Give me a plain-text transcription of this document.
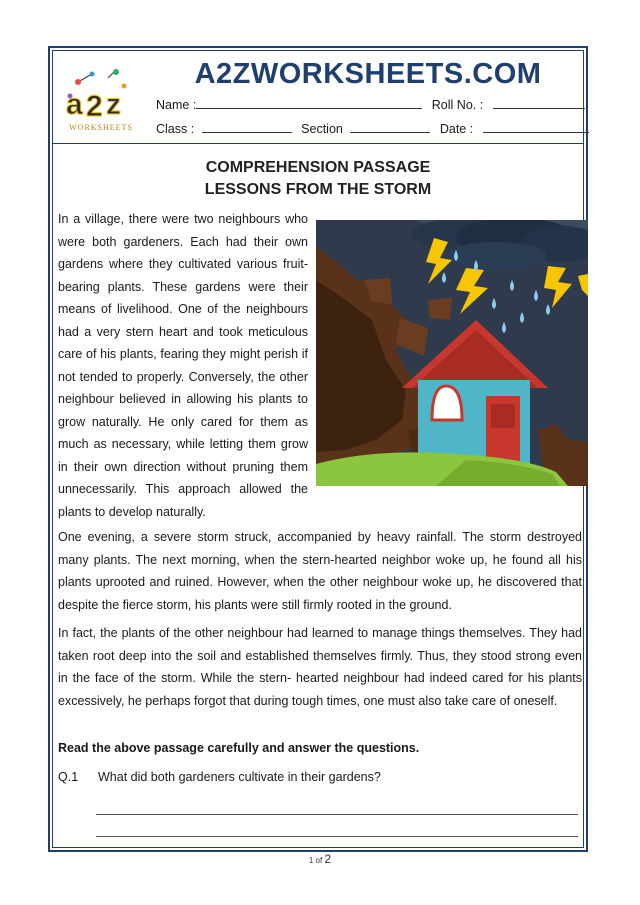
a 2 z
WORKSHEETS
A2ZWORKSHEETS.COM
Name :	Roll No. :
Class :	Section	Date :
COMPREHENSION PASSAGE
LESSONS FROM THE STORM

In a village, there were two neighbours who were both gardeners. Each had their own gardens where they cultivated various fruit-bearing plants. These gardens were their means of livelihood. One of the neighbours had a very stern heart and took meticulous care of his plants, fearing they might perish if not tended to properly. Conversely, the other neighbour believed in allowing his plants to grow naturally. He only cared for them as much as necessary, while letting them grow in their own direction without pruning them unnecessarily. This approach allowed the plants to develop naturally.

One evening, a severe storm struck, accompanied by heavy rainfall. The storm destroyed many plants. The next morning, when the stern-hearted neighbor woke up, he found all his plants uprooted and ruined. However, when the other neighbour woke up, he discovered that despite the fierce storm, his plants were still firmly rooted in the ground.

In fact, the plants of the other neighbour had learned to manage things themselves. They had taken root deep into the soil and established themselves firmly. Thus, they stood strong even in the face of the storm. While the stern- hearted neighbour had indeed cared for his plants excessively, he perhaps forgot that during tough times, one must also take care of oneself.

Read the above passage carefully and answer the questions.
Q.1 What did both gardeners cultivate in their gardens?
1 of 2
